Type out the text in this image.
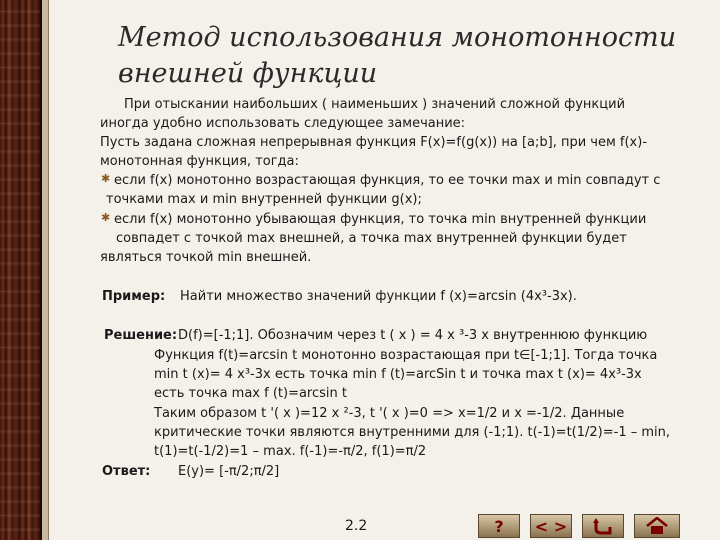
Метод использования монотонности
внешней функции
При отыскании наибольших ( наименьших ) значений сложной функций
иногда удобно использовать следующее замечание:
Пусть задана сложная непрерывная функция F(x)=f(g(x)) на [a;b], при чем f(x)-
монотонная функция, тогда:
✱ если f(x) монотонно возрастающая функция, то ее точки max и min совпадут с
точками max и min внутренней функции g(x);
✱ если f(x) монотонно убывающая функция, то точка min внутренней функции
совпадет с точкой max внешней, а точка max внутренней функции будет
являться точкой min внешней.
Пример: Найти множество значений функции f (x)=arcsin (4x³-3x).
Решение: D(f)=[-1;1]. Обозначим через t ( x ) = 4 x ³-3 x внутреннюю функцию
Функция f(t)=arcsin t монотонно возрастающая при t∈[-1;1]. Тогда точка
min t (x)= 4 x³-3x есть точка min f (t)=arcSin t и точка max t (x)= 4x³-3x
есть точка max f (t)=arcsin t
Таким образом t '( x )=12 x ²-3, t '( x )=0 => x=1/2 и x =-1/2. Данные
критические точки являются внутренними для (-1;1). t(-1)=t(1/2)=-1 – min,
t(1)=t(-1/2)=1 – max. f(-1)=-π/2, f(1)=π/2
Ответ: E(y)= [-π/2;π/2]
2.2	? < >
